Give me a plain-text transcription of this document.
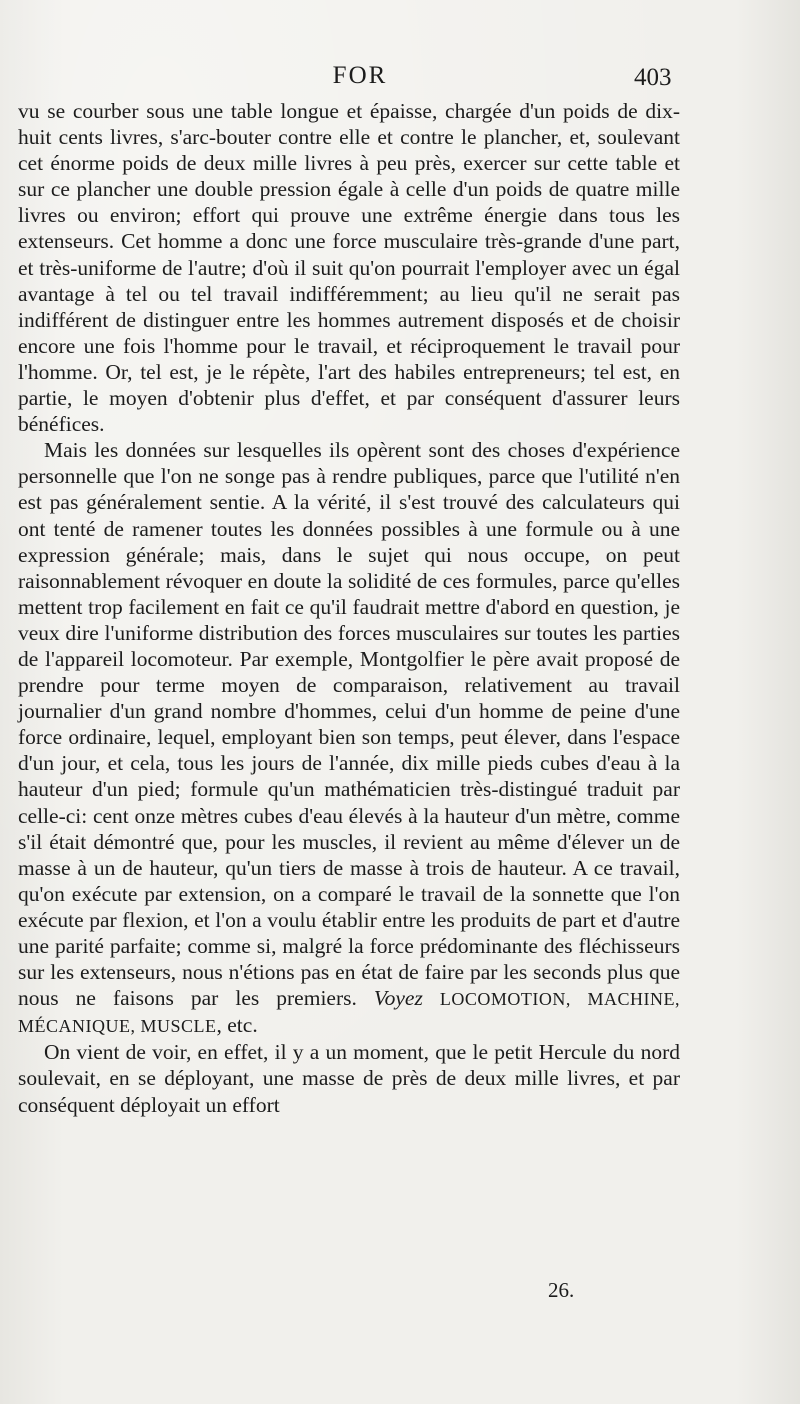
FOR	403

vu se courber sous une table longue et épaisse, chargée d'un poids de dix-huit cents livres, s'arc-bouter contre elle et contre le plancher, et, soulevant cet énorme poids de deux mille livres à peu près, exercer sur cette table et sur ce plancher une double pression égale à celle d'un poids de quatre mille livres ou environ; effort qui prouve une extrême énergie dans tous les extenseurs. Cet homme a donc une force musculaire très-grande d'une part, et très-uniforme de l'autre; d'où il suit qu'on pourrait l'employer avec un égal avantage à tel ou tel travail indifféremment; au lieu qu'il ne serait pas indifférent de distinguer entre les hommes autrement disposés et de choisir encore une fois l'homme pour le travail, et réciproquement le travail pour l'homme. Or, tel est, je le répète, l'art des habiles entrepreneurs; tel est, en partie, le moyen d'obtenir plus d'effet, et par conséquent d'assurer leurs bénéfices.

Mais les données sur lesquelles ils opèrent sont des choses d'expérience personnelle que l'on ne songe pas à rendre publiques, parce que l'utilité n'en est pas généralement sentie. A la vérité, il s'est trouvé des calculateurs qui ont tenté de ramener toutes les données possibles à une formule ou à une expression générale; mais, dans le sujet qui nous occupe, on peut raisonnablement révoquer en doute la solidité de ces formules, parce qu'elles mettent trop facilement en fait ce qu'il faudrait mettre d'abord en question, je veux dire l'uniforme distribution des forces musculaires sur toutes les parties de l'appareil locomoteur. Par exemple, Montgolfier le père avait proposé de prendre pour terme moyen de comparaison, relativement au travail journalier d'un grand nombre d'hommes, celui d'un homme de peine d'une force ordinaire, lequel, employant bien son temps, peut élever, dans l'espace d'un jour, et cela, tous les jours de l'année, dix mille pieds cubes d'eau à la hauteur d'un pied; formule qu'un mathématicien très-distingué traduit par celle-ci: cent onze mètres cubes d'eau élevés à la hauteur d'un mètre, comme s'il était démontré que, pour les muscles, il revient au même d'élever un de masse à un de hauteur, qu'un tiers de masse à trois de hauteur. A ce travail, qu'on exécute par extension, on a comparé le travail de la sonnette que l'on exécute par flexion, et l'on a voulu établir entre les produits de part et d'autre une parité parfaite; comme si, malgré la force prédominante des fléchisseurs sur les extenseurs, nous n'étions pas en état de faire par les seconds plus que nous ne faisons par les premiers. Voyez LOCOMOTION, MACHINE, MÉCANIQUE, MUSCLE, etc.

On vient de voir, en effet, il y a un moment, que le petit Hercule du nord soulevait, en se déployant, une masse de près de deux mille livres, et par conséquent déployait un effort

26.
